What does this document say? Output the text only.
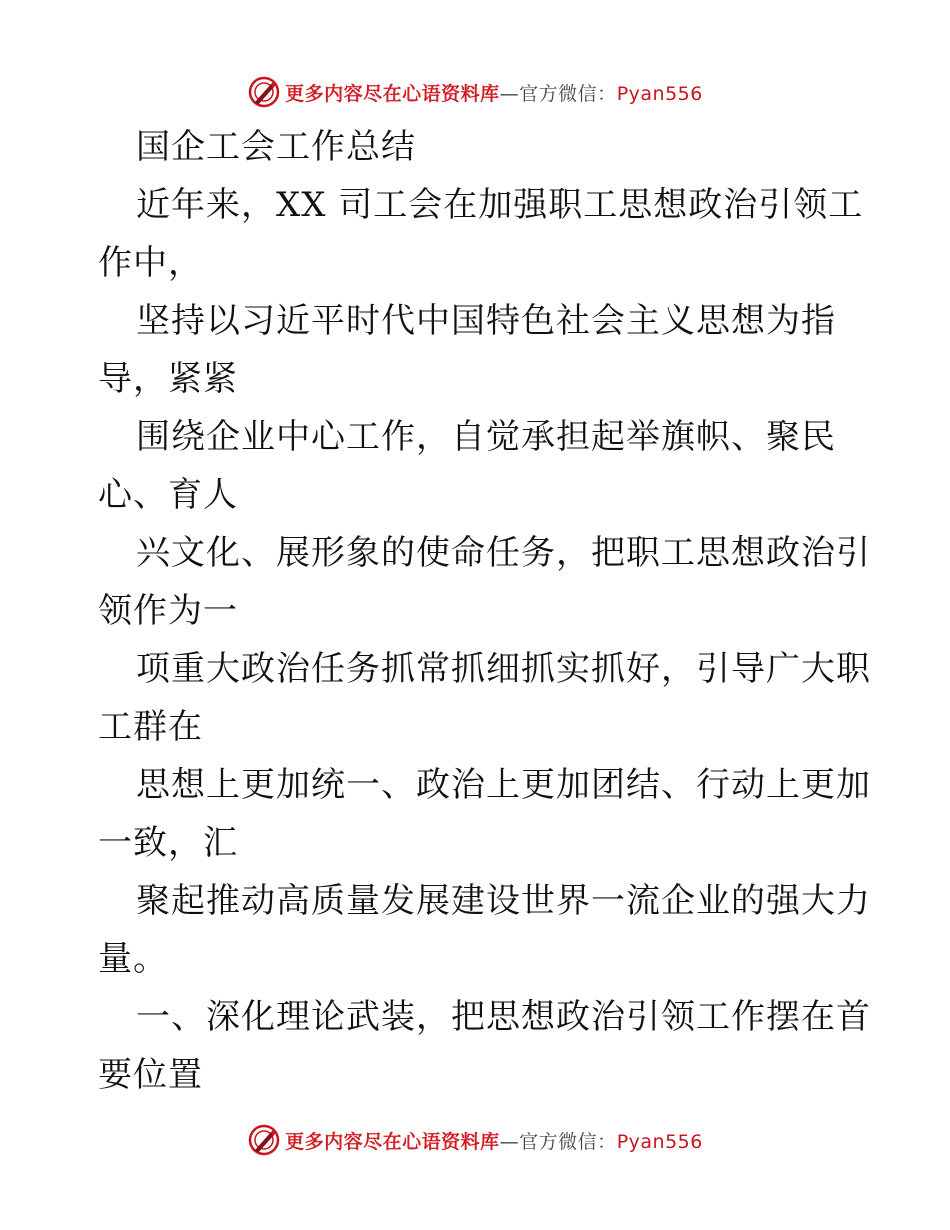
更多内容尽在心语资料库—官方微信：Pyan556
国企工会工作总结
近年来，XX 司工会在加强职工思想政治引领工
作中，
坚持以习近平时代中国特色社会主义思想为指
导，紧紧
围绕企业中心工作，自觉承担起举旗帜、聚民
心、育人
兴文化、展形象的使命任务，把职工思想政治引
领作为一
项重大政治任务抓常抓细抓实抓好，引导广大职
工群在
思想上更加统一、政治上更加团结、行动上更加
一致，汇
聚起推动高质量发展建设世界一流企业的强大力
量。
一、深化理论武装，把思想政治引领工作摆在首
要位置
更多内容尽在心语资料库—官方微信：Pyan556
